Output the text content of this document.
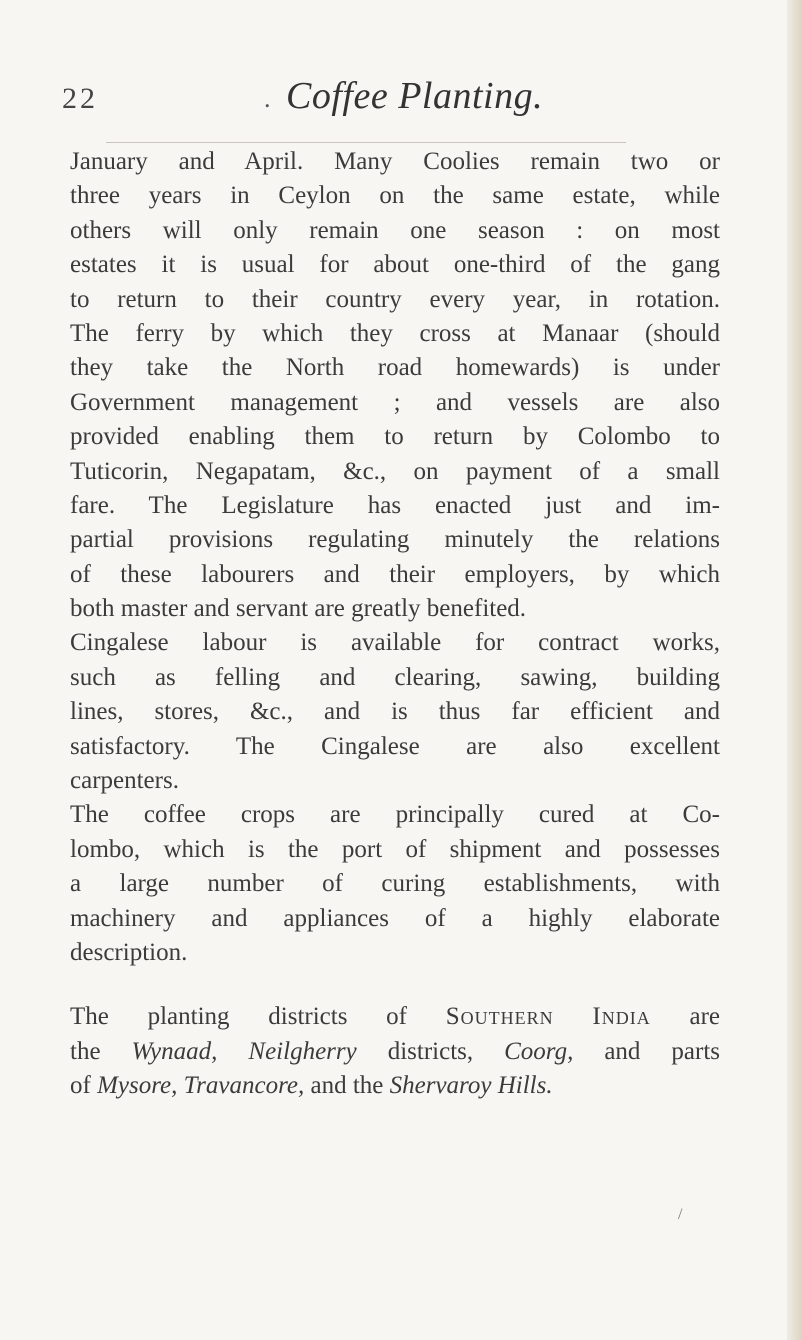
22	. Coffee Planting.
January and April. Many Coolies remain two or
three years in Ceylon on the same estate, while
others will only remain one season : on most
estates it is usual for about one-third of the gang
to return to their country every year, in rotation.
The ferry by which they cross at Manaar (should
they take the North road homewards) is under
Government management ; and vessels are also
provided enabling them to return by Colombo to
Tuticorin, Negapatam, &c., on payment of a small
fare. The Legislature has enacted just and im-
partial provisions regulating minutely the relations
of these labourers and their employers, by which
both master and servant are greatly benefited.
Cingalese labour is available for contract works,
such as felling and clearing, sawing, building
lines, stores, &c., and is thus far efficient and
satisfactory. The Cingalese are also excellent
carpenters.
The coffee crops are principally cured at Co-
lombo, which is the port of shipment and possesses
a large number of curing establishments, with
machinery and appliances of a highly elaborate
description.
The planting districts of Southern India are
the Wynaad, Neilgherry districts, Coorg, and parts
of Mysore, Travancore, and the Shervaroy Hills.
/
